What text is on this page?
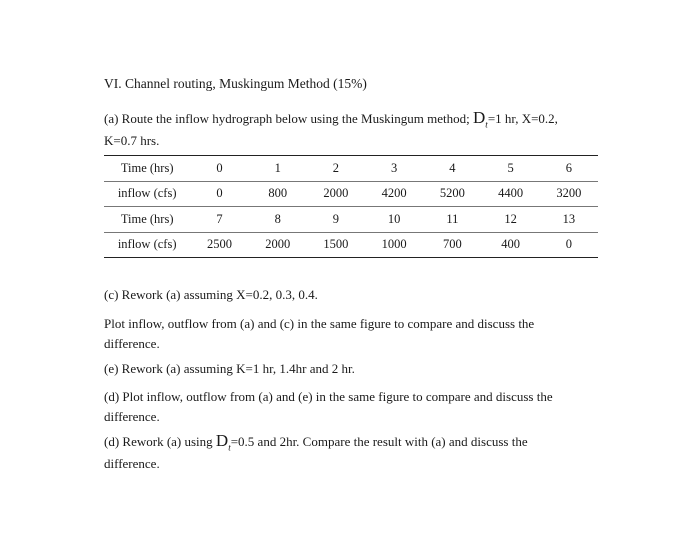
VI. Channel routing, Muskingum Method (15%)
(a) Route the inflow hydrograph below using the Muskingum method; $D_t=1$ hr, X=0.2,
K=0.7 hrs.
Time (hrs)	0	1	2	3	4	5	6
inflow (cfs)	0	800	2000	4200	5200	4400	3200
Time (hrs)	7	8	9	10	11	12	13
inflow (cfs)	2500	2000	1500	1000	700	400	0
(c) Rework (a) assuming X=0.2, 0.3, 0.4.
Plot inflow, outflow from (a) and (c) in the same figure to compare and discuss the
difference.
(e) Rework (a) assuming K=1 hr, 1.4hr and 2 hr.
(d) Plot inflow, outflow from (a) and (e) in the same figure to compare and discuss the
difference.
(d) Rework (a) using $D_t=0.5$ and 2hr. Compare the result with (a) and discuss the
difference.
